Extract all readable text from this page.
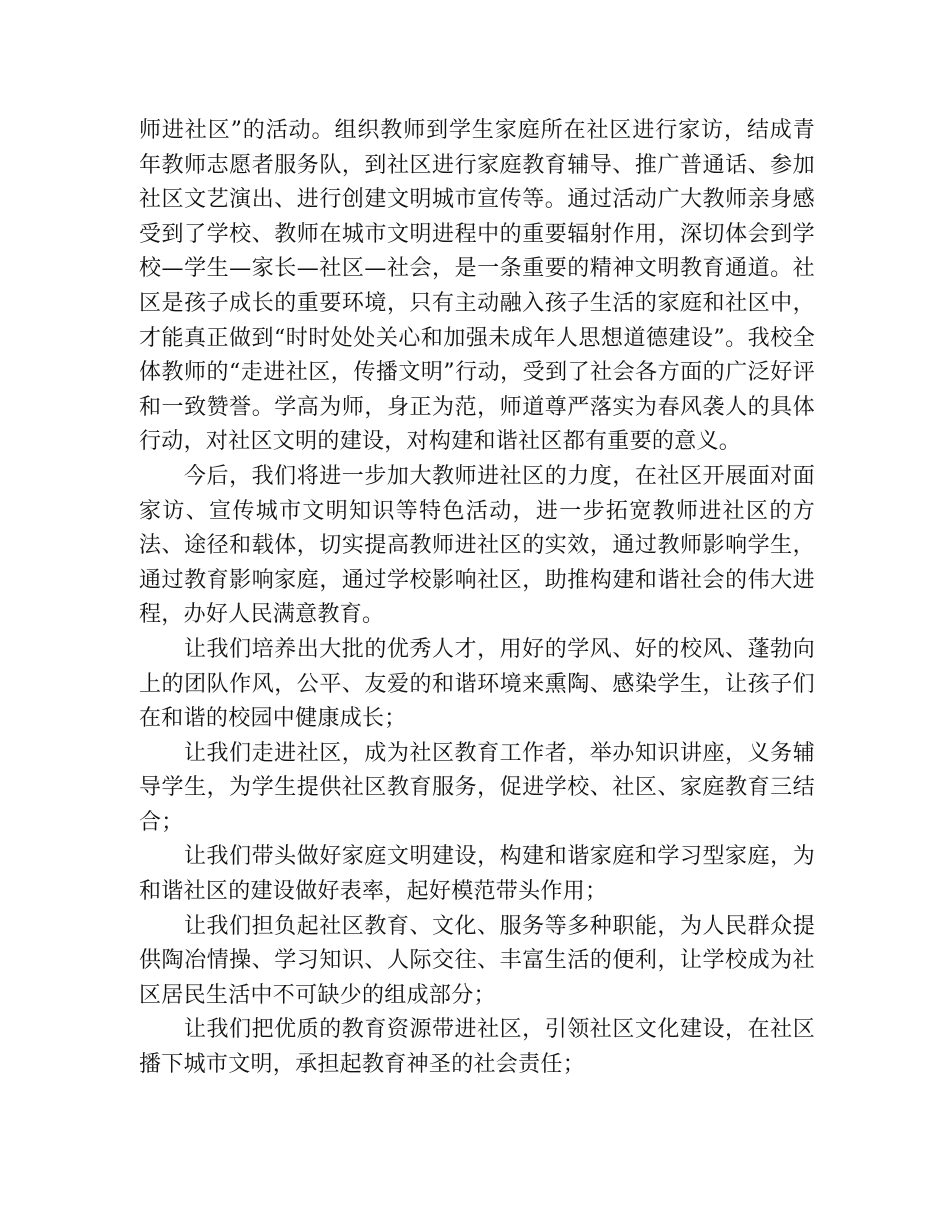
师进社区”的活动。组织教师到学生家庭所在社区进行家访，结成青年教师志愿者服务队，到社区进行家庭教育辅导、推广普通话、参加社区文艺演出、进行创建文明城市宣传等。通过活动广大教师亲身感受到了学校、教师在城市文明进程中的重要辐射作用，深切体会到学校—学生—家长—社区—社会，是一条重要的精神文明教育通道。社区是孩子成长的重要环境，只有主动融入孩子生活的家庭和社区中，才能真正做到“时时处处关心和加强未成年人思想道德建设”。我校全体教师的“走进社区，传播文明”行动，受到了社会各方面的广泛好评和一致赞誉。学高为师，身正为范，师道尊严落实为春风袭人的具体行动，对社区文明的建设，对构建和谐社区都有重要的意义。

今后，我们将进一步加大教师进社区的力度，在社区开展面对面家访、宣传城市文明知识等特色活动，进一步拓宽教师进社区的方法、途径和载体，切实提高教师进社区的实效，通过教师影响学生，通过教育影响家庭，通过学校影响社区，助推构建和谐社会的伟大进程，办好人民满意教育。

让我们培养出大批的优秀人才，用好的学风、好的校风、蓬勃向上的团队作风，公平、友爱的和谐环境来熏陶、感染学生，让孩子们在和谐的校园中健康成长；

让我们走进社区，成为社区教育工作者，举办知识讲座，义务辅导学生，为学生提供社区教育服务，促进学校、社区、家庭教育三结合；

让我们带头做好家庭文明建设，构建和谐家庭和学习型家庭，为和谐社区的建设做好表率，起好模范带头作用；

让我们担负起社区教育、文化、服务等多种职能，为人民群众提供陶冶情操、学习知识、人际交往、丰富生活的便利，让学校成为社区居民生活中不可缺少的组成部分；

让我们把优质的教育资源带进社区，引领社区文化建设，在社区播下城市文明，承担起教育神圣的社会责任；
